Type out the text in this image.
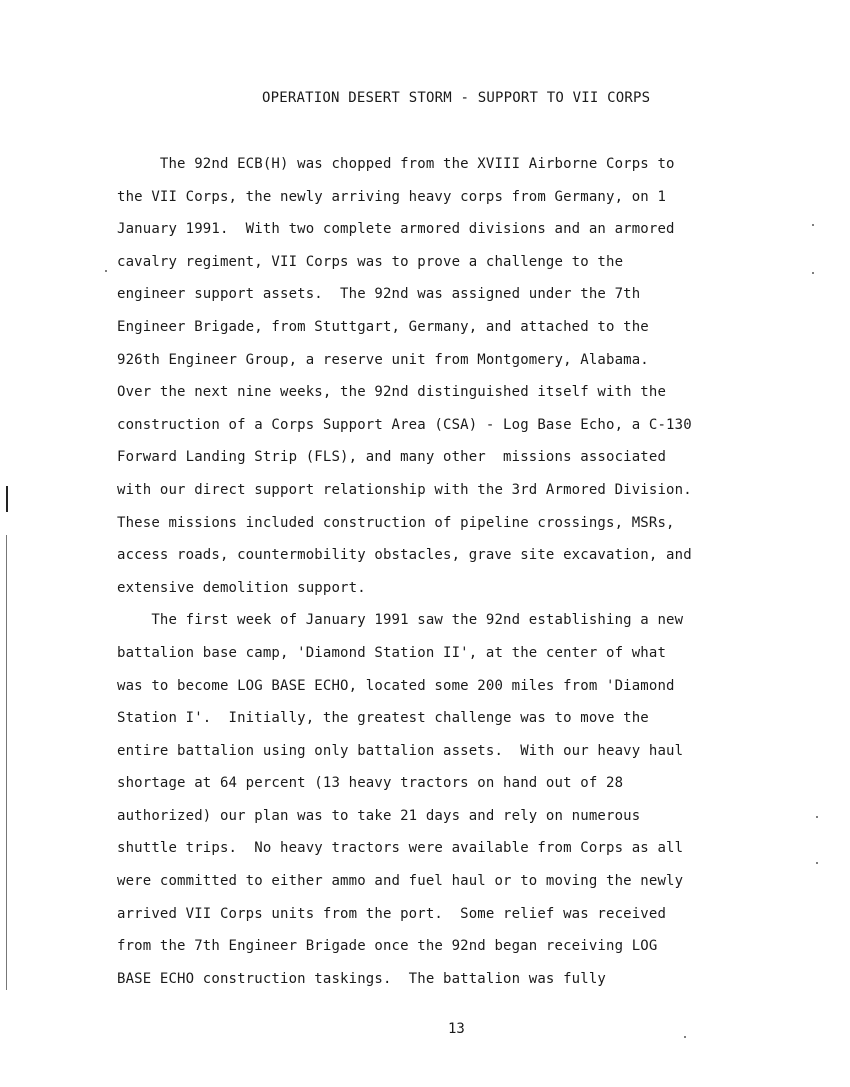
OPERATION DESERT STORM - SUPPORT TO VII CORPS
The 92nd ECB(H) was chopped from the XVIII Airborne Corps to
the VII Corps, the newly arriving heavy corps from Germany, on 1
January 1991.  With two complete armored divisions and an armored
cavalry regiment, VII Corps was to prove a challenge to the
engineer support assets.  The 92nd was assigned under the 7th
Engineer Brigade, from Stuttgart, Germany, and attached to the
926th Engineer Group, a reserve unit from Montgomery, Alabama.
Over the next nine weeks, the 92nd distinguished itself with the
construction of a Corps Support Area (CSA) - Log Base Echo, a C-130
Forward Landing Strip (FLS), and many other  missions associated
with our direct support relationship with the 3rd Armored Division.
These missions included construction of pipeline crossings, MSRs,
access roads, countermobility obstacles, grave site excavation, and
extensive demolition support.
The first week of January 1991 saw the 92nd establishing a new
battalion base camp, 'Diamond Station II', at the center of what
was to become LOG BASE ECHO, located some 200 miles from 'Diamond
Station I'.  Initially, the greatest challenge was to move the
entire battalion using only battalion assets.  With our heavy haul
shortage at 64 percent (13 heavy tractors on hand out of 28
authorized) our plan was to take 21 days and rely on numerous
shuttle trips.  No heavy tractors were available from Corps as all
were committed to either ammo and fuel haul or to moving the newly
arrived VII Corps units from the port.  Some relief was received
from the 7th Engineer Brigade once the 92nd began receiving LOG
BASE ECHO construction taskings.  The battalion was fully
13
